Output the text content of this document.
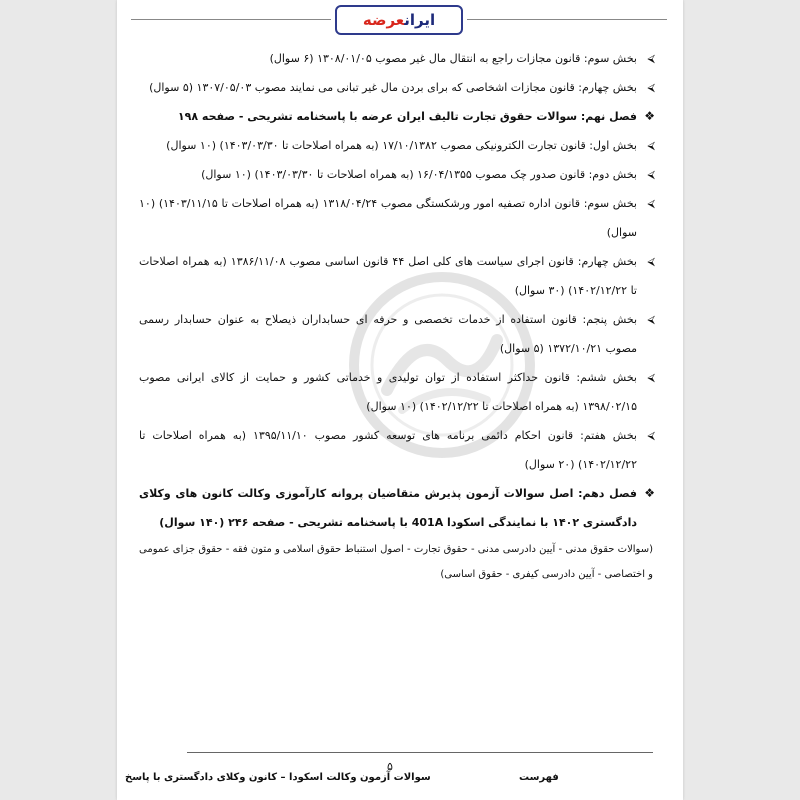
ایرانعرضه

⮘
بخش سوم: قانون مجازات راجع به انتقال مال غیر مصوب ۱۳۰۸/۰۱/۰۵ (۶ سوال)

⮘
بخش چهارم: قانون مجازات اشخاصی که برای بردن مال غیر تبانی می نمایند مصوب ۱۳۰۷/۰۵/۰۳ (۵ سوال)

❖
فصل نهم: سوالات حقوق تجارت تالیف ایران عرضه با پاسخنامه تشریحی - صفحه ۱۹۸

⮘
بخش اول: قانون تجارت الکترونیکی مصوب ۱۷/۱۰/۱۳۸۲ (به همراه اصلاحات تا ۱۴۰۳/۰۳/۳۰) (۱۰ سوال)

⮘
بخش دوم: قانون صدور چک مصوب ۱۶/۰۴/۱۳۵۵ (به همراه اصلاحات تا ۱۴۰۳/۰۳/۳۰) (۱۰ سوال)

⮘
بخش سوم: قانون اداره تصفیه امور ورشکستگی مصوب ۱۳۱۸/۰۴/۲۴ (به همراه اصلاحات تا ۱۴۰۳/۱۱/۱۵) (۱۰ سوال)

⮘
بخش چهارم: قانون اجرای سیاست های کلی اصل ۴۴ قانون اساسی مصوب ۱۳۸۶/۱۱/۰۸ (به همراه اصلاحات تا ۱۴۰۲/۱۲/۲۲) (۳۰ سوال)

⮘
بخش پنجم: قانون استفاده از خدمات تخصصی و حرفه ای حسابداران ذیصلاح به عنوان حسابدار رسمی مصوب ۱۳۷۲/۱۰/۲۱ (۵ سوال)

⮘
بخش ششم: قانون حداکثر استفاده از توان تولیدی و خدماتی کشور و حمایت از کالای ایرانی مصوب ۱۳۹۸/۰۲/۱۵ (به همراه اصلاحات تا ۱۴۰۲/۱۲/۲۲) (۱۰ سوال)

⮘
بخش هفتم: قانون احکام دائمی برنامه های توسعه کشور مصوب ۱۳۹۵/۱۱/۱۰ (به همراه اصلاحات تا ۱۴۰۲/۱۲/۲۲) (۲۰ سوال)

❖
فصل دهم: اصل سوالات آزمون پذیرش متقاضیان پروانه کارآموزی وکالت کانون های وکلای دادگستری ۱۴۰۲ با نمایندگی اسکودا 401A با پاسخنامه تشریحی - صفحه ۲۴۶ (۱۴۰ سوال)

(سوالات حقوق مدنی - آیین دادرسی مدنی - حقوق تجارت - اصول استنباط حقوق اسلامی و متون فقه - حقوق جزای عمومی و اختصاصی - آیین دادرسی کیفری - حقوق اساسی)

۵
سوالات آزمون وکالت اسکودا – کانون وکلای دادگستری با پاسخ	فهرست
